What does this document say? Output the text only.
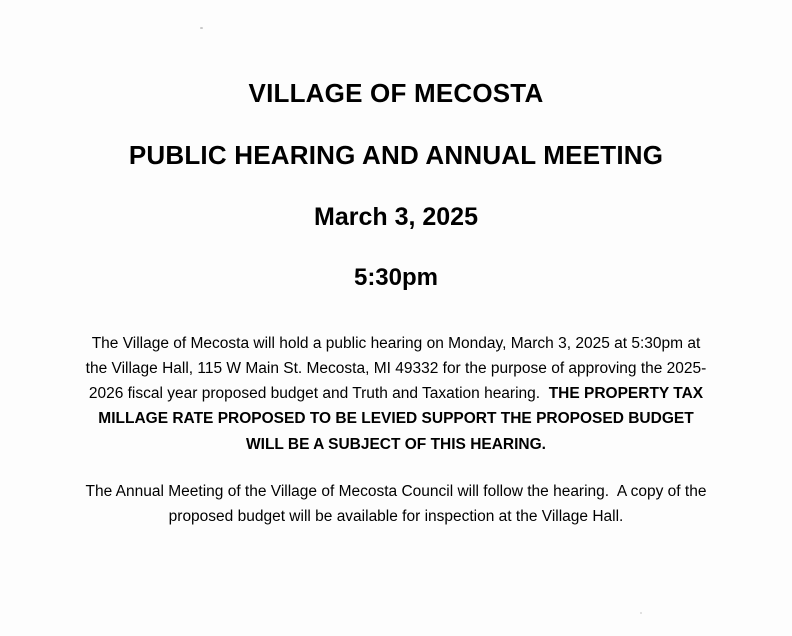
VILLAGE OF MECOSTA
PUBLIC HEARING AND ANNUAL MEETING
March 3, 2025
5:30pm

The Village of Mecosta will hold a public hearing on Monday, March 3, 2025 at 5:30pm at the Village Hall, 115 W Main St. Mecosta, MI 49332 for the purpose of approving the 2025-2026 fiscal year proposed budget and Truth and Taxation hearing.  THE PROPERTY TAX MILLAGE RATE PROPOSED TO BE LEVIED SUPPORT THE PROPOSED BUDGET WILL BE A SUBJECT OF THIS HEARING.

The Annual Meeting of the Village of Mecosta Council will follow the hearing.  A copy of the proposed budget will be available for inspection at the Village Hall.
